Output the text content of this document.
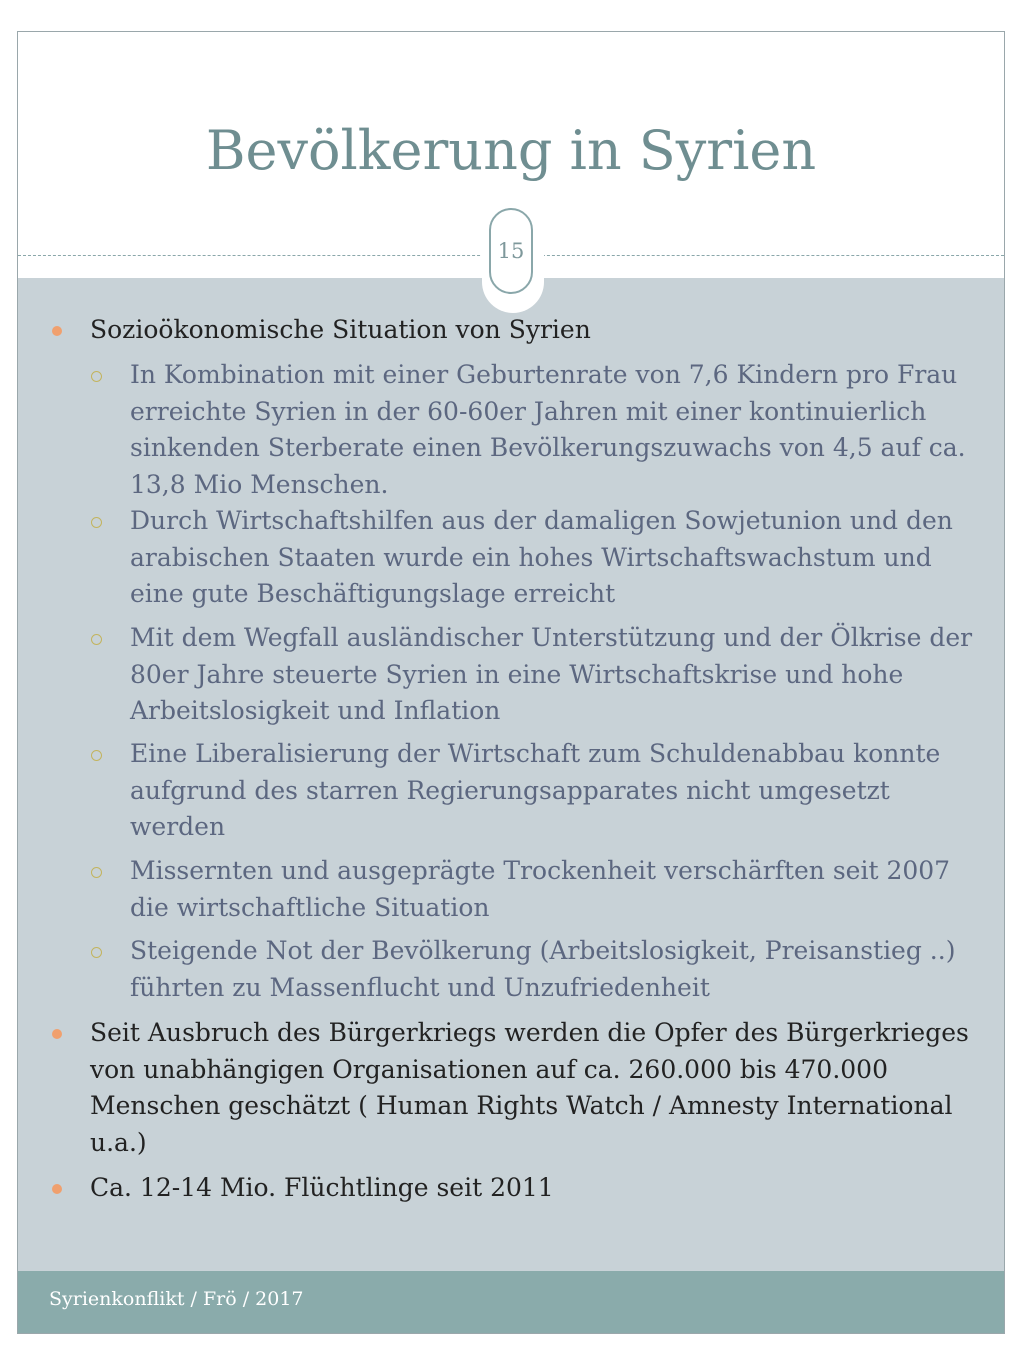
Bevölkerung in Syrien
Sozioökonomische Situation von Syrien
In Kombination mit einer Geburtenrate von 7,6 Kindern pro Frau erreichte Syrien in der 60-60er Jahren mit einer kontinuierlich sinkenden Sterberate einen Bevölkerungszuwachs von 4,5 auf ca. 13,8 Mio Menschen.
Durch Wirtschaftshilfen aus der damaligen Sowjetunion und den arabischen Staaten wurde ein hohes Wirtschaftswachstum und eine gute Beschäftigungslage erreicht
Mit dem Wegfall ausländischer Unterstützung und der Ölkrise der 80er Jahre steuerte Syrien in eine Wirtschaftskrise und hohe Arbeitslosigkeit und Inflation
Eine Liberalisierung der Wirtschaft zum Schuldenabbau konnte aufgrund des starren Regierungsapparates nicht umgesetzt werden
Missernten und ausgeprägte Trockenheit verschärften seit 2007 die wirtschaftliche Situation
Steigende Not der Bevölkerung (Arbeitslosigkeit, Preisanstieg ..) führten zu Massenflucht und Unzufriedenheit
Seit Ausbruch des Bürgerkriegs werden die Opfer des Bürgerkrieges von unabhängigen Organisationen auf ca. 260.000 bis 470.000 Menschen geschätzt ( Human Rights Watch / Amnesty International u.a.)
Ca. 12-14 Mio. Flüchtlinge seit 2011
15
Syrienkonflikt / Frö / 2017
